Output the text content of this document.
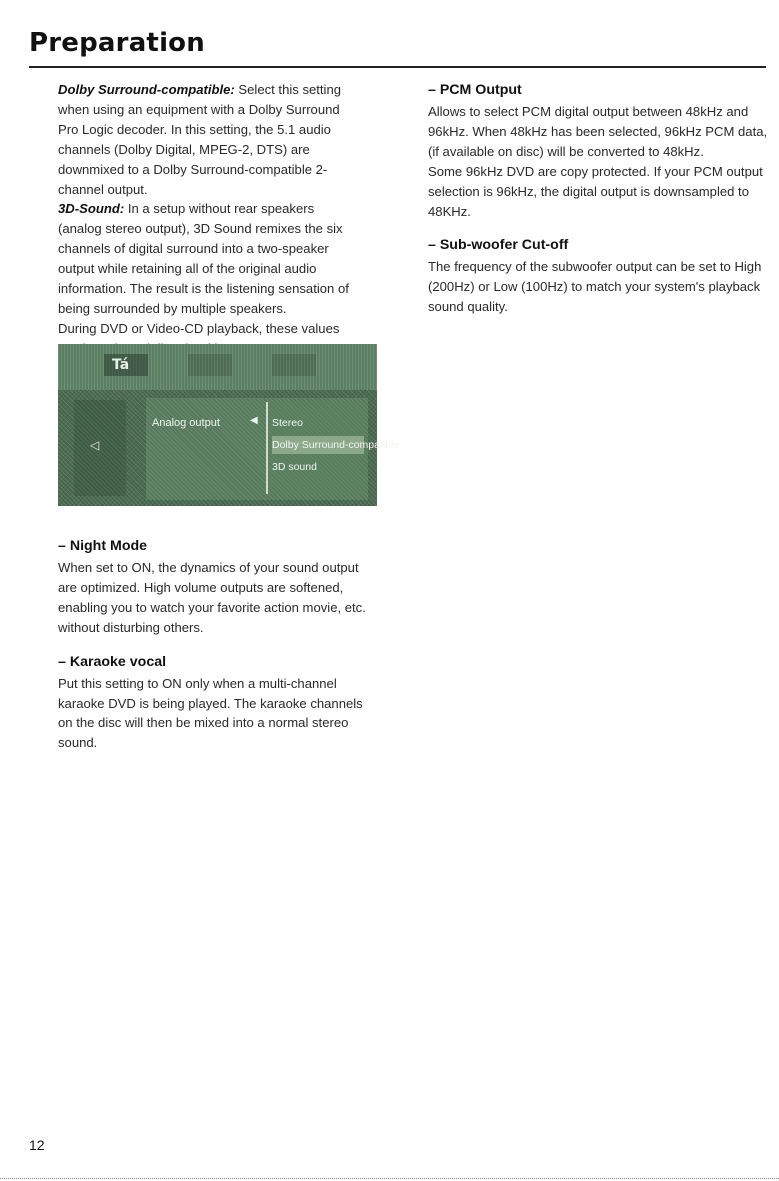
Preparation

Dolby Surround-compatible: Select this setting when using an equipment with a Dolby Surround Pro Logic decoder. In this setting, the 5.1 audio channels (Dolby Digital, MPEG-2, DTS) are downmixed to a Dolby Surround-compatible 2-channel output.

3D-Sound: In a setup without rear speakers (analog stereo output), 3D Sound remixes the six channels of digital surround into a two-speaker output while retaining all of the original audio information. The result is the listening sensation of being surrounded by multiple speakers.

During DVD or Video-CD playback, these values

Tá
◁
Analog output	◀ Stereo
Dolby Surround-compatible
3D sound
– Night Mode

When set to ON, the dynamics of your sound output are optimized. High volume outputs are softened, enabling you to watch your favorite action movie, etc. without disturbing others.

– Karaoke vocal

Put this setting to ON only when a multi-channel karaoke DVD is being played. The karaoke channels on the disc will then be mixed into a normal stereo sound.

– PCM Output

Allows to select PCM digital output between 48kHz and 96kHz. When 48kHz has been selected, 96kHz PCM data, (if available on disc) will be converted to 48kHz.

Some 96kHz DVD are copy protected. If your PCM output selection is 96kHz, the digital output is downsampled to 48KHz.

– Sub-woofer Cut-off

The frequency of the subwoofer output can be set to High (200Hz) or Low (100Hz) to match your system's playback sound quality.

12
